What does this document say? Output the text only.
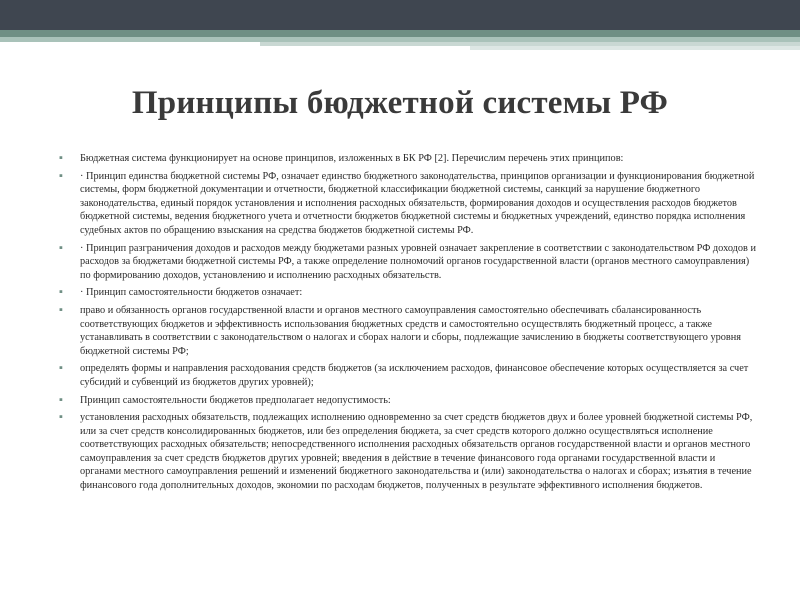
Принципы бюджетной системы РФ
▪ Бюджетная система функционирует на основе принципов, изложенных в БК РФ [2]. Перечислим перечень этих принципов:
▪ · Принцип единства бюджетной системы РФ, означает единство бюджетного законодательства, принципов организации и функционирования бюджетной системы, форм бюджетной документации и отчетности, бюджетной классификации бюджетной системы, санкций за нарушение бюджетного законодательства, единый порядок установления и исполнения расходных обязательств, формирования доходов и осуществления расходов бюджетов бюджетной системы, ведения бюджетного учета и отчетности бюджетов бюджетной системы и бюджетных учреждений, единство порядка исполнения судебных актов по обращению взыскания на средства бюджетов бюджетной системы РФ.
▪ · Принцип разграничения доходов и расходов между бюджетами разных уровней означает закрепление в соответствии с законодательством РФ доходов и расходов за бюджетами бюджетной системы РФ, а также определение полномочий органов государственной власти (органов местного самоуправления) по формированию доходов, установлению и исполнению расходных обязательств.
▪ · Принцип самостоятельности бюджетов означает:
▪ право и обязанность органов государственной власти и органов местного самоуправления самостоятельно обеспечивать сбалансированность соответствующих бюджетов и эффективность использования бюджетных средств и самостоятельно осуществлять бюджетный процесс, а также устанавливать в соответствии с законодательством о налогах и сборах налоги и сборы, подлежащие зачислению в бюджеты соответствующего уровня бюджетной системы РФ;
▪ определять формы и направления расходования средств бюджетов (за исключением расходов, финансовое обеспечение которых осуществляется за счет субсидий и субвенций из бюджетов других уровней);
▪ Принцип самостоятельности бюджетов предполагает недопустимость:
▪ установления расходных обязательств, подлежащих исполнению одновременно за счет средств бюджетов двух и более уровней бюджетной системы РФ, или за счет средств консолидированных бюджетов, или без определения бюджета, за счет средств которого должно осуществляться исполнение соответствующих расходных обязательств; непосредственного исполнения расходных обязательств органов государственной власти и органов местного самоуправления за счет средств бюджетов других уровней; введения в действие в течение финансового года органами государственной власти и органами местного самоуправления решений и изменений бюджетного законодательства и (или) законодательства о налогах и сборах; изъятия в течение финансового года дополнительных доходов, экономии по расходам бюджетов, полученных в результате эффективного исполнения бюджетов.
